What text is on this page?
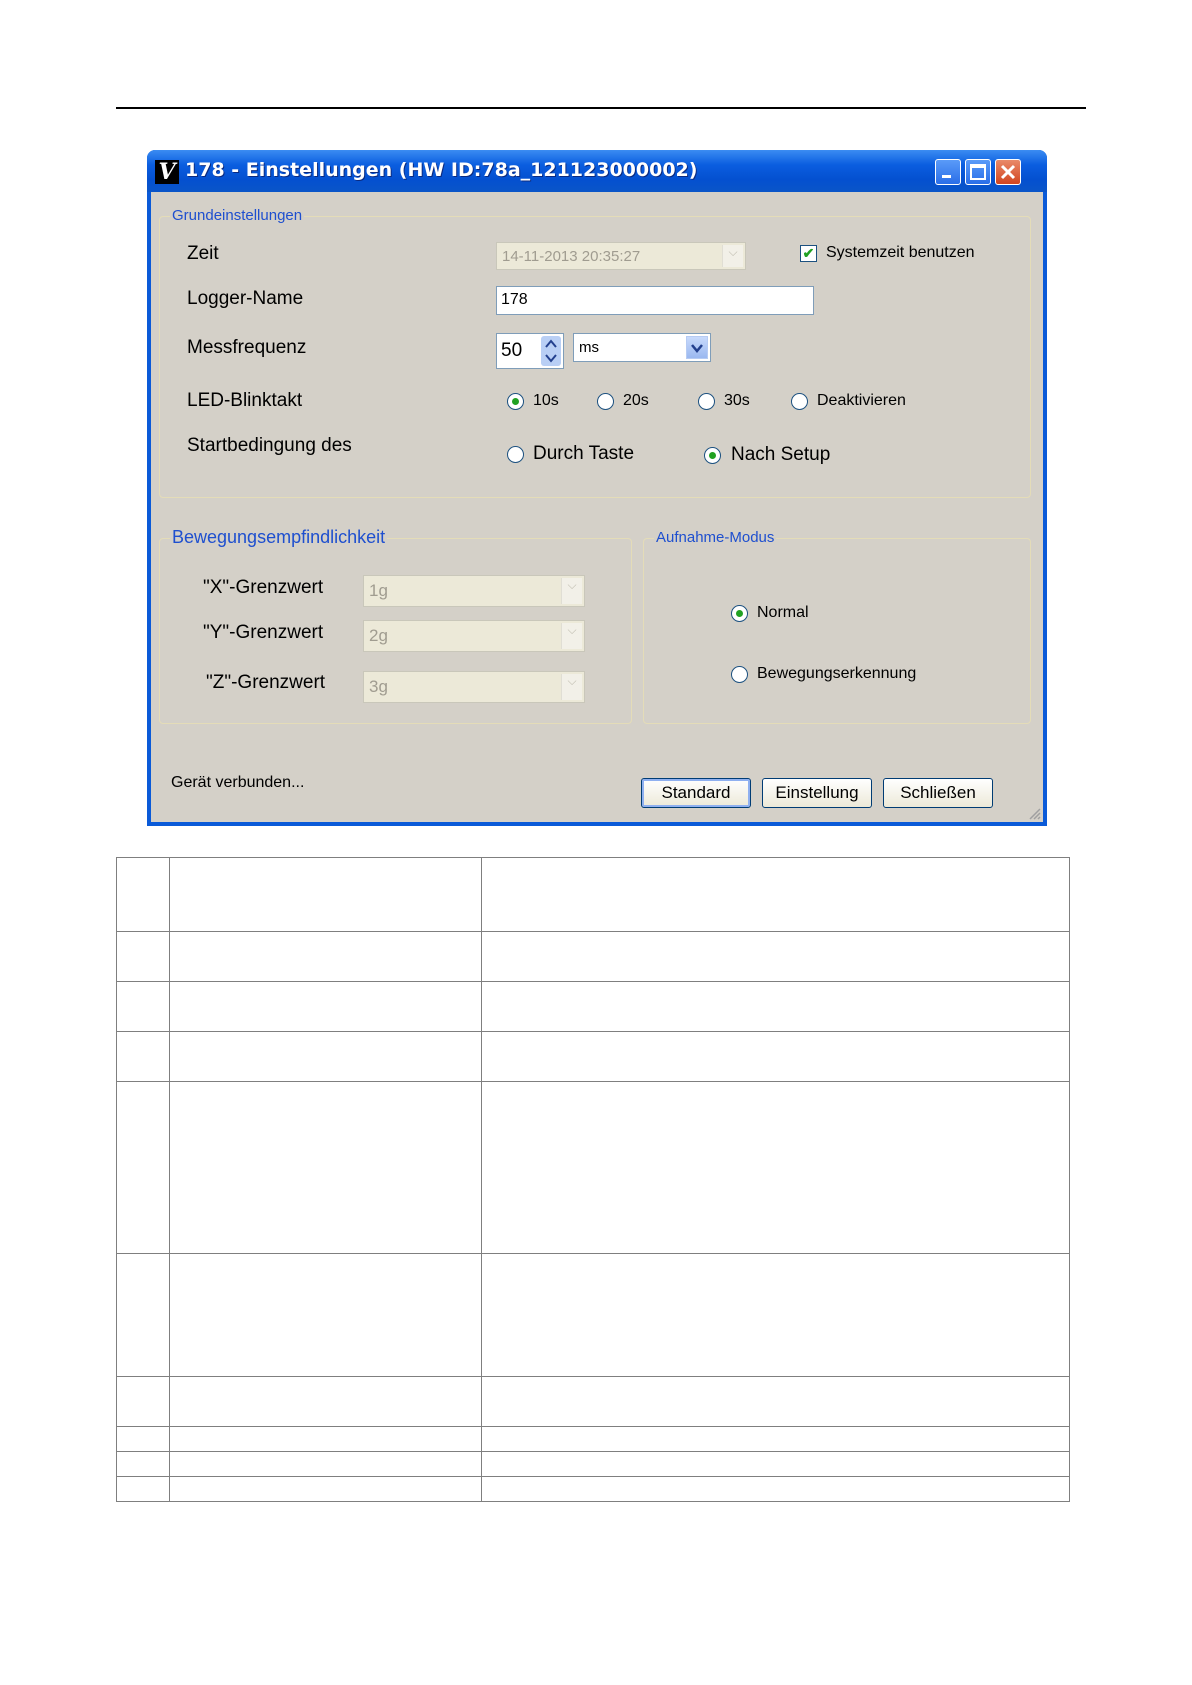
V 178 - Einstellungen (HW ID:78a_121123000002)
Grundeinstellungen
Zeit	14-11-2013 20:35:27	⌵	✔ Systemzeit benutzen
Logger-Name	178
Messfrequenz	50	ms
LED-Blinktakt	10s	20s	30s	Deaktivieren
Startbedingung des	Durch Taste	Nach Setup
Bewegungsempfindlichkeit
"X"-Grenzwert	1g	⌵
"Y"-Grenzwert	2g	⌵
"Z"-Grenzwert	3g	⌵
Aufnahme-Modus
Normal
Bewegungserkennung
Gerät verbunden...
Standard	Einstellung	Schließen
